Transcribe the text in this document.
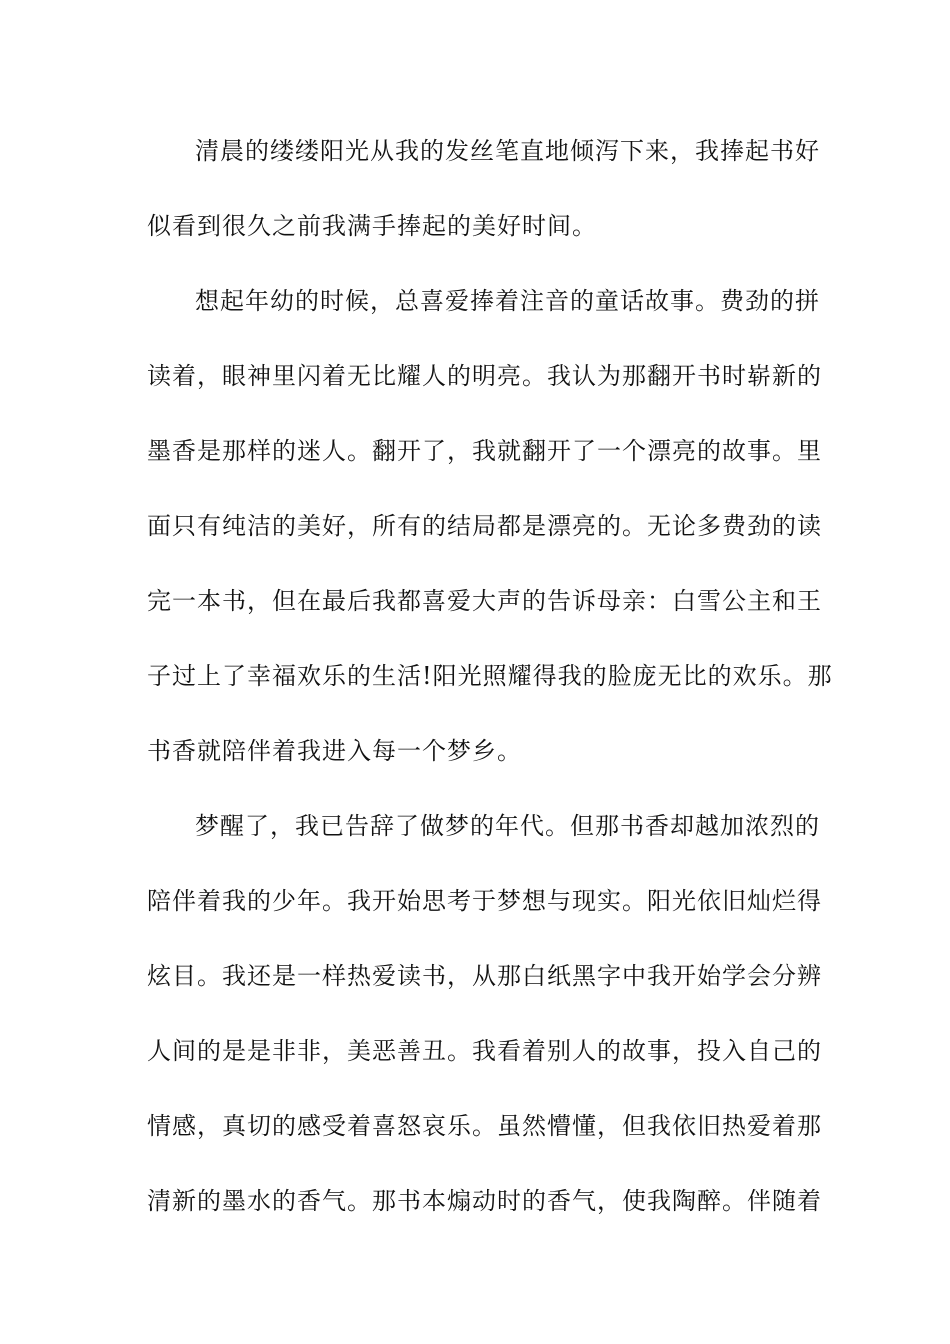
清晨的缕缕阳光从我的发丝笔直地倾泻下来，我捧起书好
似看到很久之前我满手捧起的美好时间。
想起年幼的时候，总喜爱捧着注音的童话故事。费劲的拼
读着，眼神里闪着无比耀人的明亮。我认为那翻开书时崭新的
墨香是那样的迷人。翻开了，我就翻开了一个漂亮的故事。里
面只有纯洁的美好，所有的结局都是漂亮的。无论多费劲的读
完一本书，但在最后我都喜爱大声的告诉母亲：白雪公主和王
子过上了幸福欢乐的生活!阳光照耀得我的脸庞无比的欢乐。那
书香就陪伴着我进入每一个梦乡。
梦醒了，我已告辞了做梦的年代。但那书香却越加浓烈的
陪伴着我的少年。我开始思考于梦想与现实。阳光依旧灿烂得
炫目。我还是一样热爱读书，从那白纸黑字中我开始学会分辨
人间的是是非非，美恶善丑。我看着别人的故事，投入自己的
情感，真切的感受着喜怒哀乐。虽然懵懂，但我依旧热爱着那
清新的墨水的香气。那书本煽动时的香气，使我陶醉。伴随着
